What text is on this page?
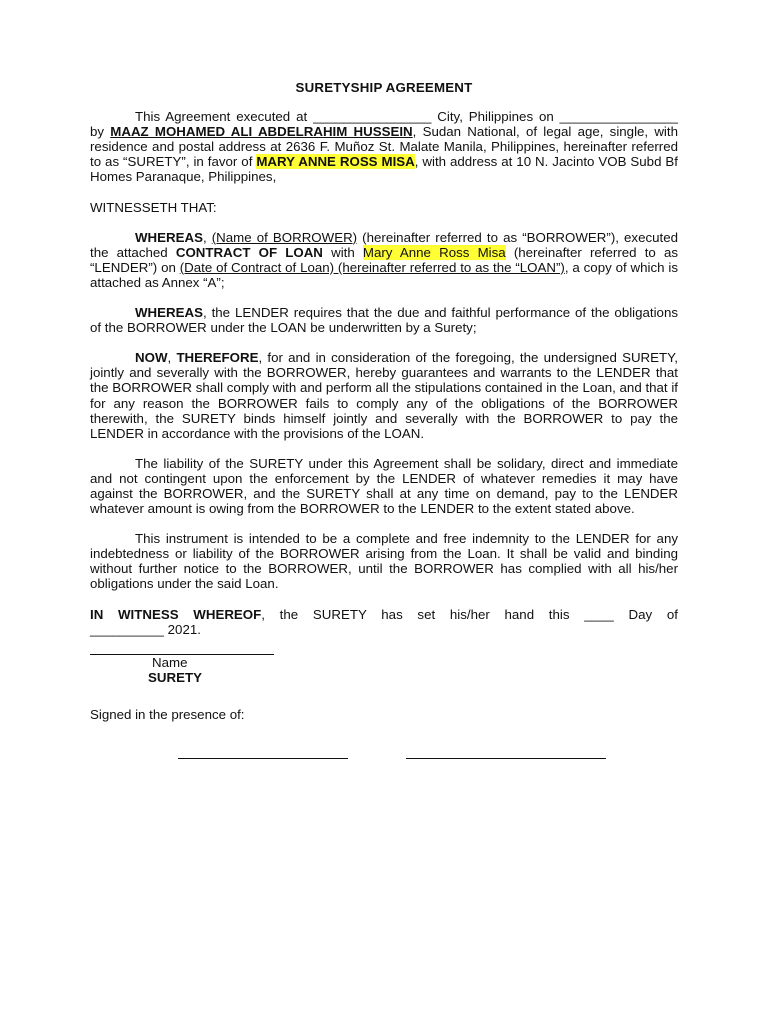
SURETYSHIP AGREEMENT

This Agreement executed at ________________ City, Philippines on ________________ by MAAZ MOHAMED ALI ABDELRAHIM HUSSEIN, Sudan National, of legal age, single, with residence and postal address at 2636 F. Muñoz St. Malate Manila, Philippines, hereinafter referred to as “SURETY”, in favor of MARY ANNE ROSS MISA, with address at 10 N. Jacinto VOB Subd Bf Homes Paranaque, Philippines,

WITNESSETH THAT:

WHEREAS, (Name of BORROWER) (hereinafter referred to as “BORROWER”), executed the attached CONTRACT OF LOAN with Mary Anne Ross Misa (hereinafter referred to as “LENDER”) on (Date of Contract of Loan) (hereinafter referred to as the “LOAN”), a copy of which is attached as Annex “A”;

WHEREAS, the LENDER requires that the due and faithful performance of the obligations of the BORROWER under the LOAN be underwritten by a Surety;

NOW, THEREFORE, for and in consideration of the foregoing, the undersigned SURETY, jointly and severally with the BORROWER, hereby guarantees and warrants to the LENDER that the BORROWER shall comply with and perform all the stipulations contained in the Loan, and that if for any reason the BORROWER fails to comply any of the obligations of the BORROWER therewith, the SURETY binds himself jointly and severally with the BORROWER to pay the LENDER in accordance with the provisions of the LOAN.

The liability of the SURETY under this Agreement shall be solidary, direct and immediate and not contingent upon the enforcement by the LENDER of whatever remedies it may have against the BORROWER, and the SURETY shall at any time on demand, pay to the LENDER whatever amount is owing from the BORROWER to the LENDER to the extent stated above.

This instrument is intended to be a complete and free indemnity to the LENDER for any indebtedness or liability of the BORROWER arising from the Loan. It shall be valid and binding without further notice to the BORROWER, until the BORROWER has complied with all his/her obligations under the said Loan.

IN WITNESS WHEREOF, the SURETY has set his/her hand this ____ Day of
__________ 2021.
Name
SURETY
Signed in the presence of:
